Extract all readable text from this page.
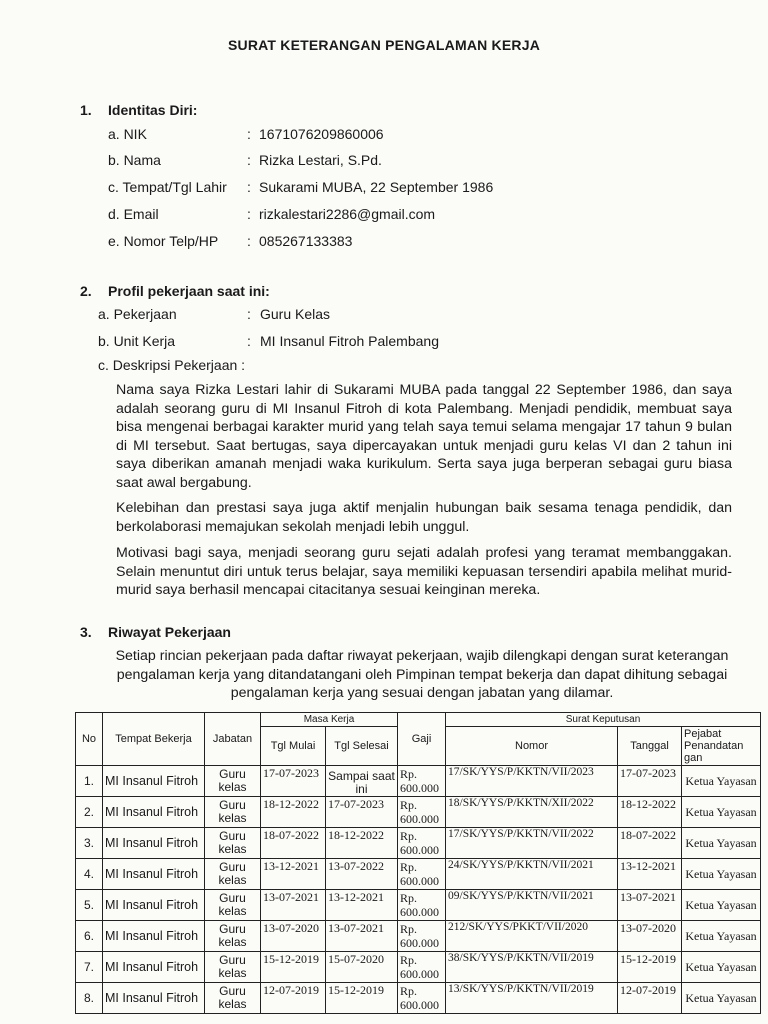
SURAT KETERANGAN PENGALAMAN KERJA
1. Identitas Diri:
a. NIK	: 1671076209860006
b. Nama	: Rizka Lestari, S.Pd.
c. Tempat/Tgl Lahir : Sukarami MUBA, 22 September 1986
d. Email	: rizkalestari2286@gmail.com
e. Nomor Telp/HP : 085267133383
2. Profil pekerjaan saat ini:
a. Pekerjaan	: Guru Kelas
b. Unit Kerja	: MI Insanul Fitroh Palembang
c. Deskripsi Pekerjaan :

Nama saya Rizka Lestari lahir di Sukarami MUBA pada tanggal 22 September 1986, dan saya adalah seorang guru di MI Insanul Fitroh di kota Palembang. Menjadi pendidik, membuat saya bisa mengenai berbagai karakter murid yang telah saya temui selama mengajar 17 tahun 9 bulan di MI tersebut. Saat bertugas, saya dipercayakan untuk menjadi guru kelas VI dan 2 tahun ini saya diberikan amanah menjadi waka kurikulum. Serta saya juga berperan sebagai guru biasa saat awal bergabung.

Kelebihan dan prestasi saya juga aktif menjalin hubungan baik sesama tenaga pendidik, dan berkolaborasi memajukan sekolah menjadi lebih unggul.

Motivasi bagi saya, menjadi seorang guru sejati adalah profesi yang teramat membanggakan. Selain menuntut diri untuk terus belajar, saya memiliki kepuasan tersendiri apabila melihat murid-murid saya berhasil mencapai citacitanya sesuai keinginan mereka.

3. Riwayat Pekerjaan

Setiap rincian pekerjaan pada daftar riwayat pekerjaan, wajib dilengkapi dengan surat keterangan pengalaman kerja yang ditandatangani oleh Pimpinan tempat bekerja dan dapat dihitung sebagai pengalaman kerja yang sesuai dengan jabatan yang dilamar.

No	Tempat Bekerja	Jabatan	Masa Kerja		Gaji	Surat Keputusan		
			Tgl Mulai	Tgl Selesai		Nomor	Tanggal	Pejabat Penandatan gan
1.	MI Insanul Fitroh	Guru kelas	17-07-2023	Sampai saat ini	Rp. 600.000	17/SK/YYS/P/KKTN/VII/2023	17-07-2023	Ketua Yayasan
2.	MI Insanul Fitroh	Guru kelas	18-12-2022	17-07-2023	Rp. 600.000	18/SK/YYS/P/KKTN/XII/2022	18-12-2022	Ketua Yayasan
3.	MI Insanul Fitroh	Guru kelas	18-07-2022	18-12-2022	Rp. 600.000	17/SK/YYS/P/KKTN/VII/2022	18-07-2022	Ketua Yayasan
4.	MI Insanul Fitroh	Guru kelas	13-12-2021	13-07-2022	Rp. 600.000	24/SK/YYS/P/KKTN/VII/2021	13-12-2021	Ketua Yayasan
5.	MI Insanul Fitroh	Guru kelas	13-07-2021	13-12-2021	Rp. 600.000	09/SK/YYS/P/KKTN/VII/2021	13-07-2021	Ketua Yayasan
6.	MI Insanul Fitroh	Guru kelas	13-07-2020	13-07-2021	Rp. 600.000	212/SK/YYS/PKKT/VII/2020	13-07-2020	Ketua Yayasan
7.	MI Insanul Fitroh	Guru kelas	15-12-2019	15-07-2020	Rp. 600.000	38/SK/YYS/P/KKTN/VII/2019	15-12-2019	Ketua Yayasan
8.	MI Insanul Fitroh	Guru kelas	12-07-2019	15-12-2019	Rp. 600.000	13/SK/YYS/P/KKTN/VII/2019	12-07-2019	Ketua Yayasan
